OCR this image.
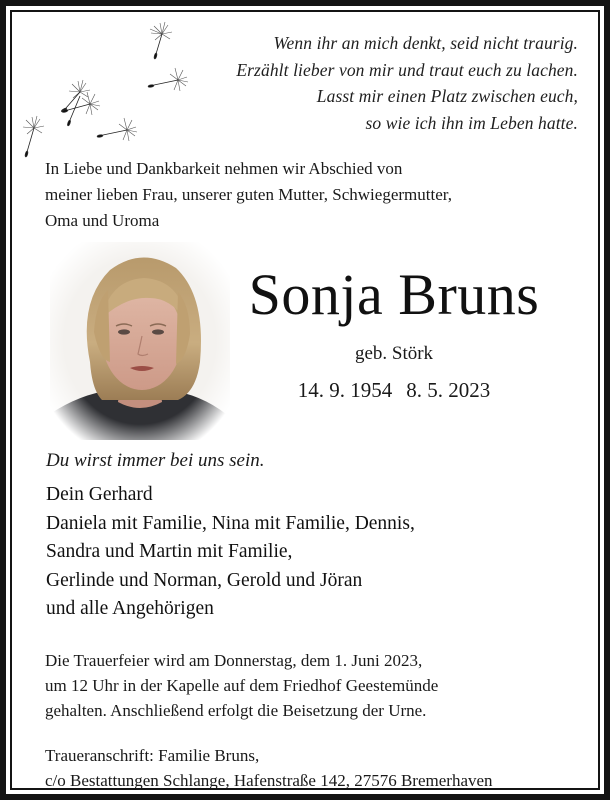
Wenn ihr an mich denkt, seid nicht traurig.
Erzählt lieber von mir und traut euch zu lachen.
Lasst mir einen Platz zwischen euch,
so wie ich ihn im Leben hatte.
In Liebe und Dankbarkeit nehmen wir Abschied von
meiner lieben Frau, unserer guten Mutter, Schwiegermutter,
Oma und Uroma
Sonja Bruns
geb. Störk
14. 9. 1954 8. 5. 2023
Du wirst immer bei uns sein.
Dein Gerhard
Daniela mit Familie, Nina mit Familie, Dennis,
Sandra und Martin mit Familie,
Gerlinde und Norman, Gerold und Jöran
und alle Angehörigen
Die Trauerfeier wird am Donnerstag, dem 1. Juni 2023,
um 12 Uhr in der Kapelle auf dem Friedhof Geestemünde
gehalten. Anschließend erfolgt die Beisetzung der Urne.
Traueranschrift: Familie Bruns,
c/o Bestattungen Schlange, Hafenstraße 142, 27576 Bremerhaven
